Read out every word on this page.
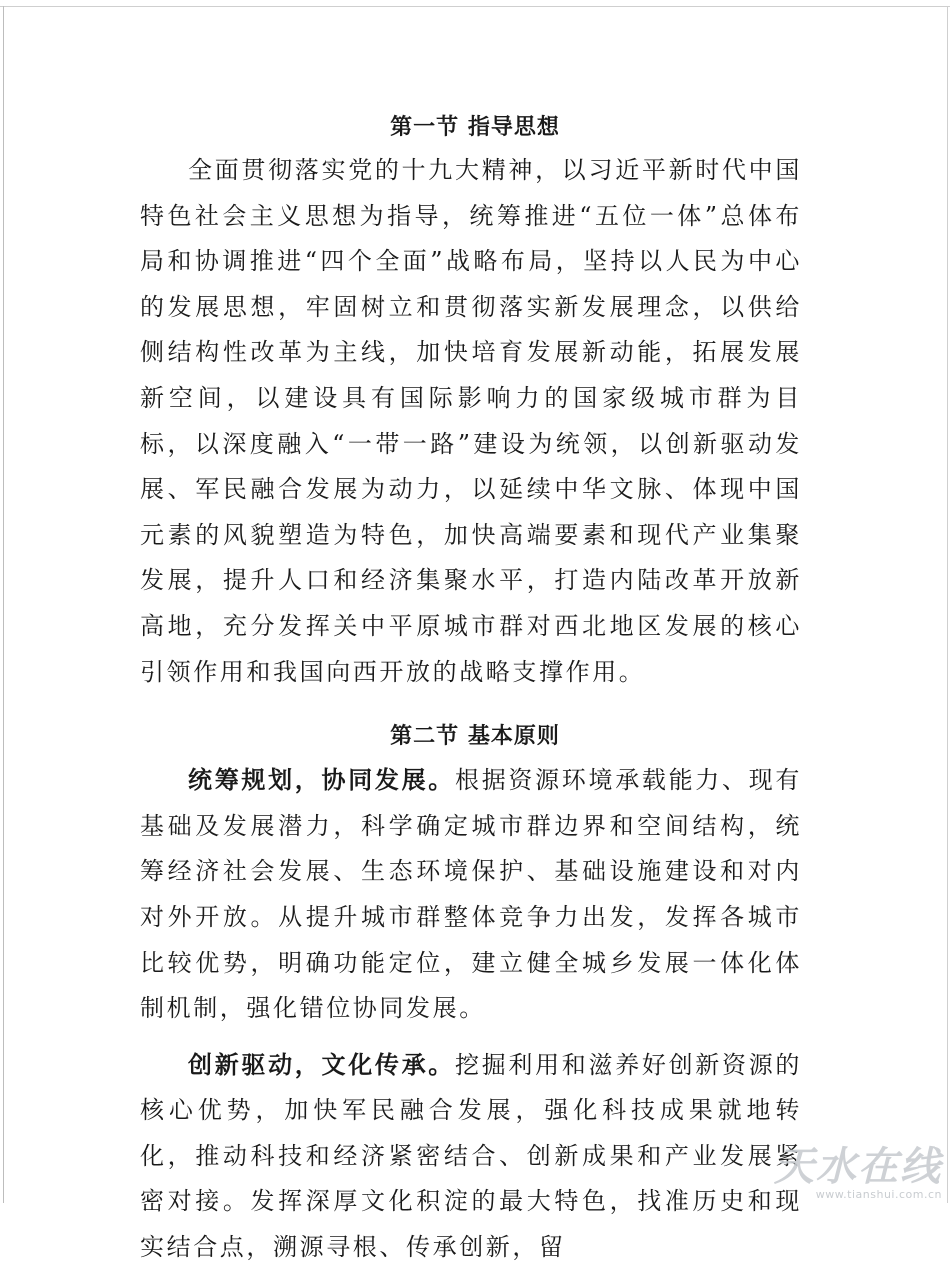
第一节 指导思想

全面贯彻落实党的十九大精神，以习近平新时代中国特色社会主义思想为指导，统筹推进“五位一体”总体布局和协调推进“四个全面”战略布局，坚持以人民为中心的发展思想，牢固树立和贯彻落实新发展理念，以供给侧结构性改革为主线，加快培育发展新动能，拓展发展新空间，以建设具有国际影响力的国家级城市群为目标，以深度融入“一带一路”建设为统领，以创新驱动发展、军民融合发展为动力，以延续中华文脉、体现中国元素的风貌塑造为特色，加快高端要素和现代产业集聚发展，提升人口和经济集聚水平，打造内陆改革开放新高地，充分发挥关中平原城市群对西北地区发展的核心引领作用和我国向西开放的战略支撑作用。

第二节 基本原则

统筹规划，协同发展。根据资源环境承载能力、现有基础及发展潜力，科学确定城市群边界和空间结构，统筹经济社会发展、生态环境保护、基础设施建设和对内对外开放。从提升城市群整体竞争力出发，发挥各城市比较优势，明确功能定位，建立健全城乡发展一体化体制机制，强化错位协同发展。

创新驱动，文化传承。挖掘利用和滋养好创新资源的核心优势，加快军民融合发展，强化科技成果就地转化，推动科技和经济紧密结合、创新成果和产业发展紧密对接。发挥深厚文化积淀的最大特色，找准历史和现实结合点，溯源寻根、传承创新，留

天水在线
www.tianshui.com.cn
